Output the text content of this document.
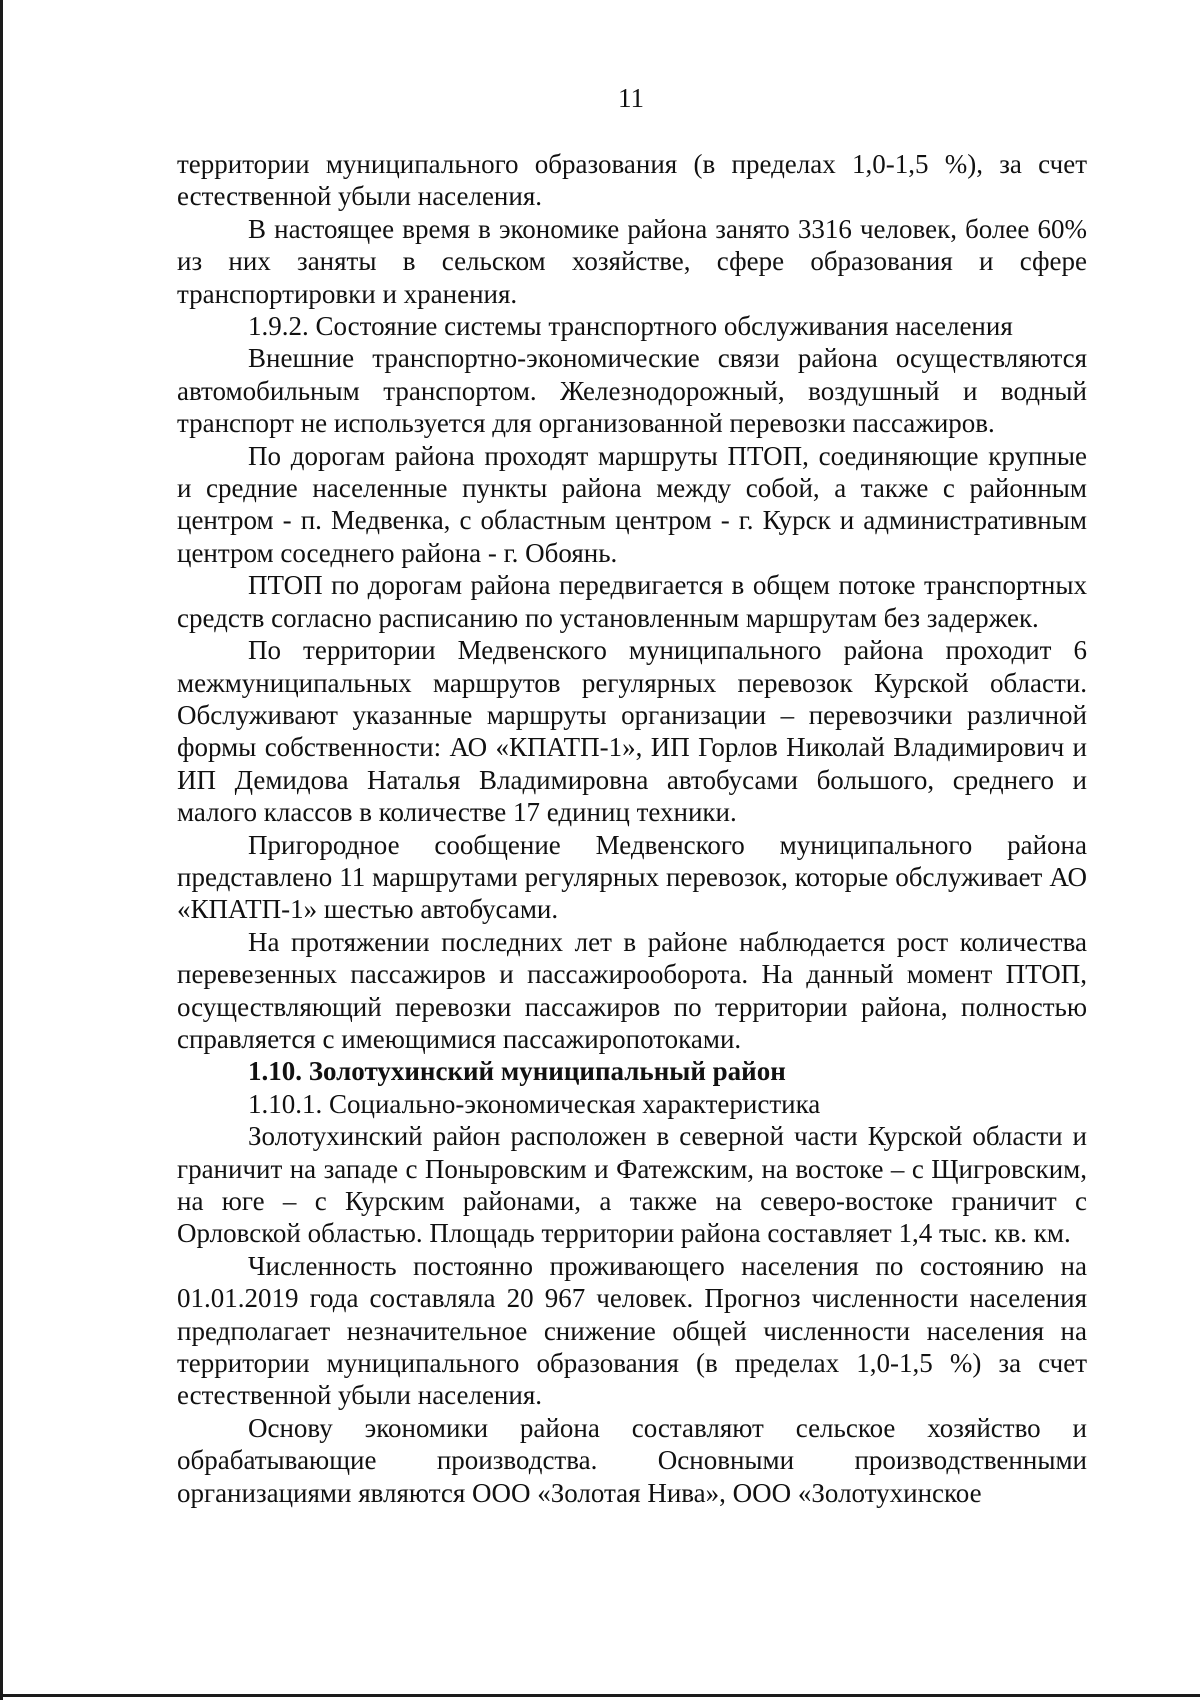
11

территории муниципального образования (в пределах 1,0-1,5 %), за счет естественной убыли населения.

В настоящее время в экономике района занято 3316 человек, более 60% из них заняты в сельском хозяйстве, сфере образования и сфере транспортировки и хранения.

1.9.2. Состояние системы транспортного обслуживания населения

Внешние транспортно-экономические связи района осуществляются автомобильным транспортом. Железнодорожный, воздушный и водный транспорт не используется для организованной перевозки пассажиров.

По дорогам района проходят маршруты ПТОП, соединяющие крупные и средние населенные пункты района между собой, а также с районным центром - п. Медвенка, с областным центром - г. Курск и административным центром соседнего района - г. Обоянь.

ПТОП по дорогам района передвигается в общем потоке транспортных средств согласно расписанию по установленным маршрутам без задержек.

По территории Медвенского муниципального района проходит 6 межмуниципальных маршрутов регулярных перевозок Курской области. Обслуживают указанные маршруты организации – перевозчики различной формы собственности: АО «КПАТП-1», ИП Горлов Николай Владимирович и ИП Демидова Наталья Владимировна автобусами большого, среднего и малого классов в количестве 17 единиц техники.

Пригородное сообщение Медвенского муниципального района представлено 11 маршрутами регулярных перевозок, которые обслуживает АО «КПАТП-1» шестью автобусами.

На протяжении последних лет в районе наблюдается рост количества перевезенных пассажиров и пассажирооборота. На данный момент ПТОП, осуществляющий перевозки пассажиров по территории района, полностью справляется с имеющимися пассажиропотоками.

1.10. Золотухинский муниципальный район

1.10.1. Социально-экономическая характеристика

Золотухинский район расположен в северной части Курской области и граничит на западе с Поныровским и Фатежским, на востоке – с Щигровским, на юге – с Курским районами, а также на северо-востоке граничит с Орловской областью. Площадь территории района составляет 1,4 тыс. кв. км.

Численность постоянно проживающего населения по состоянию на 01.01.2019 года составляла 20 967 человек. Прогноз численности населения предполагает незначительное снижение общей численности населения на территории муниципального образования (в пределах 1,0-1,5 %) за счет естественной убыли населения.

Основу экономики района составляют сельское хозяйство и обрабатывающие производства. Основными производственными организациями являются ООО «Золотая Нива», ООО «Золотухинское
